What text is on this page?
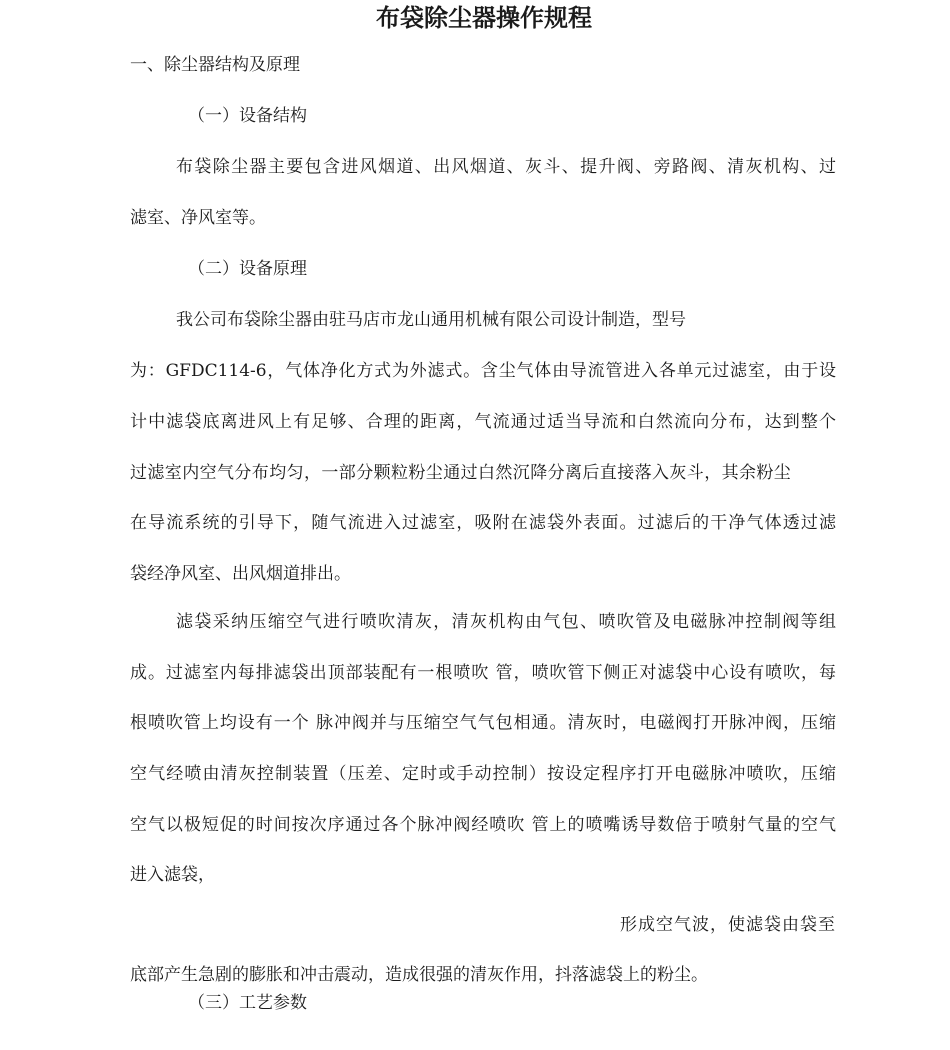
布袋除尘器操作规程

一、除尘器结构及原理

（一）设备结构

布袋除尘器主要包含进风烟道、出风烟道、灰斗、提升阀、旁路阀、清灰机构、过

滤室、净风室等。

（二）设备原理

我公司布袋除尘器由驻马店市龙山通用机械有限公司设计制造，型号

为：GFDC114-6，气体净化方式为外滤式。含尘气体由导流管进入各单元过滤室，由于设

计中滤袋底离进风上有足够、合理的距离，气流通过适当导流和白然流向分布，达到整个

过滤室内空气分布均匀，一部分颗粒粉尘通过白然沉降分离后直接落入灰斗，其余粉尘

在导流系统的引导下，随气流进入过滤室，吸附在滤袋外表面。过滤后的干净气体透过滤

袋经净风室、出风烟道排出。

滤袋采纳压缩空气进行喷吹清灰，清灰机构由气包、喷吹管及电磁脉冲控制阀等组

成。过滤室内每排滤袋出顶部装配有一根喷吹 管，喷吹管下侧正对滤袋中心设有喷吹，每

根喷吹管上均设有一个 脉冲阀并与压缩空气气包相通。清灰时，电磁阀打开脉冲阀，压缩

空气经喷由清灰控制装置（压差、定时或手动控制）按设定程序打开电磁脉冲喷吹，压缩

空气以极短促的时间按次序通过各个脉冲阀经喷吹 管上的喷嘴诱导数倍于喷射气量的空气

进入滤袋，

形成空气波，使滤袋由袋至

底部产生急剧的膨胀和冲击震动，造成很强的清灰作用，抖落滤袋上的粉尘。

（三）工艺参数
